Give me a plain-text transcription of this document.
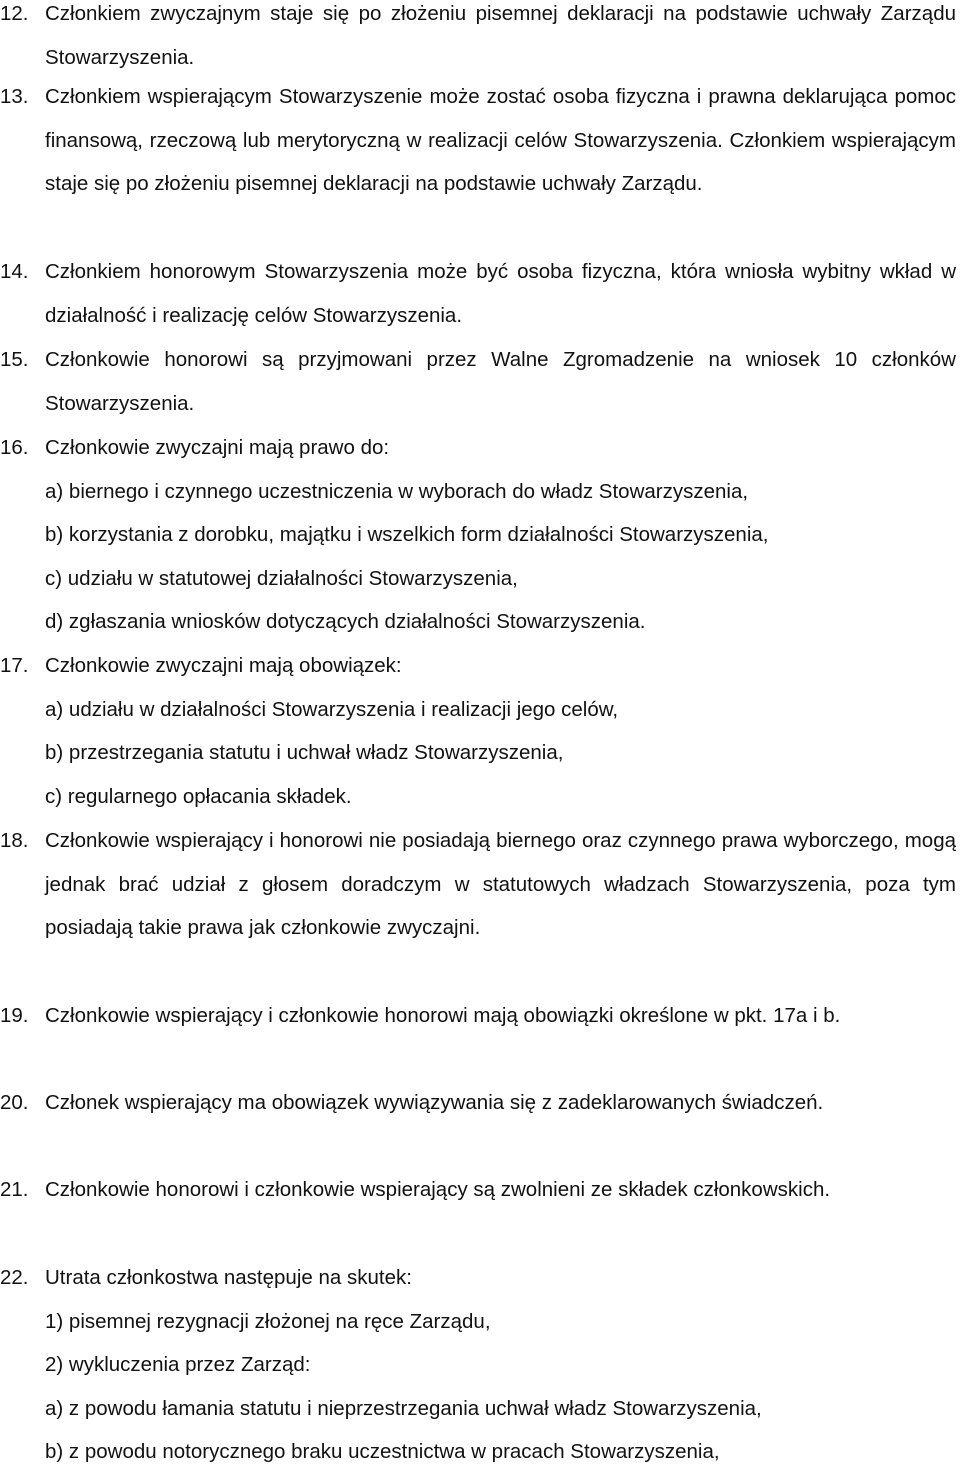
12. Członkiem zwyczajnym staje się po złożeniu pisemnej deklaracji na podstawie uchwały Zarządu Stowarzyszenia.

13. Członkiem wspierającym Stowarzyszenie może zostać osoba fizyczna i prawna deklarująca pomoc finansową, rzeczową lub merytoryczną w realizacji celów Stowarzyszenia. Członkiem wspierającym staje się po złożeniu pisemnej deklaracji na podstawie uchwały Zarządu.

14. Członkiem honorowym Stowarzyszenia może być osoba fizyczna, która wniosła wybitny wkład w działalność i realizację celów Stowarzyszenia.

15. Członkowie honorowi są przyjmowani przez Walne Zgromadzenie na wniosek 10 członków Stowarzyszenia.

16. Członkowie zwyczajni mają prawo do:

a) biernego i czynnego uczestniczenia w wyborach do władz Stowarzyszenia,
b) korzystania z dorobku, majątku i wszelkich form działalności Stowarzyszenia,
c) udziału w statutowej działalności Stowarzyszenia,
d) zgłaszania wniosków dotyczących działalności Stowarzyszenia.
17. Członkowie zwyczajni mają obowiązek:

a) udziału w działalności Stowarzyszenia i realizacji jego celów,
b) przestrzegania statutu i uchwał władz Stowarzyszenia,
c) regularnego opłacania składek.
18. Członkowie wspierający i honorowi nie posiadają biernego oraz czynnego prawa wyborczego, mogą jednak brać udział z głosem doradczym w statutowych władzach Stowarzyszenia, poza tym posiadają takie prawa jak członkowie zwyczajni.

19. Członkowie wspierający i członkowie honorowi mają obowiązki określone w pkt. 17a i b.

20. Członek wspierający ma obowiązek wywiązywania się z zadeklarowanych świadczeń.

21. Członkowie honorowi i członkowie wspierający są zwolnieni ze składek członkowskich.

22. Utrata członkostwa następuje na skutek:

1) pisemnej rezygnacji złożonej na ręce Zarządu,
2) wykluczenia przez Zarząd:
a) z powodu łamania statutu i nieprzestrzegania uchwał władz Stowarzyszenia,
b) z powodu notorycznego braku uczestnictwa w pracach Stowarzyszenia,
